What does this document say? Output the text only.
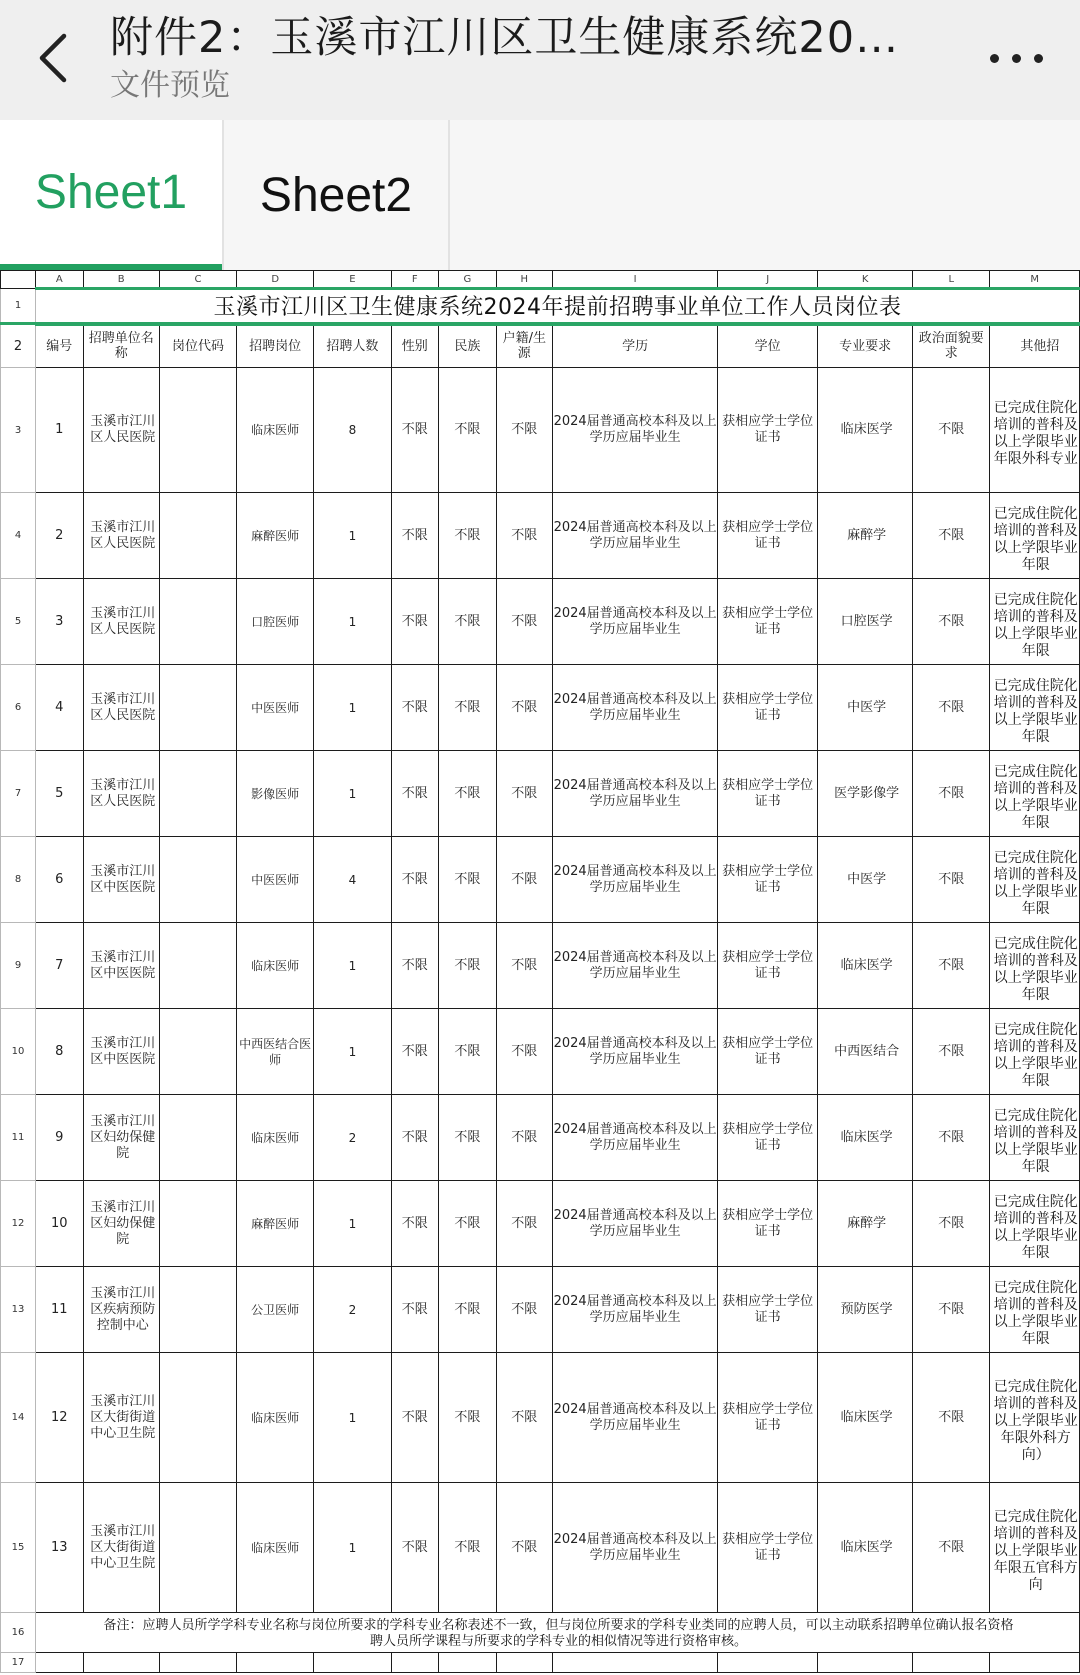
附件2：玉溪市江川区卫生健康系统20…
文件预览
Sheet1	Sheet2
	A	B	C	D	E	F	G	H	I	J	K	L	M
1	玉溪市江川区卫生健康系统2024年提前招聘事业单位工作人员岗位表												
2	编号	招聘单位名称	岗位代码	招聘岗位	招聘人数	性别	民族	户籍/生源	学历	学位	专业要求	政治面貌要求	其他招
3	1	玉溪市江川区人民医院		临床医师	8	不限	不限	不限	2024届普通高校本科及以上学历应届毕业生	获相应学士学位证书	临床医学	不限	已完成住院化培训的普科及以上学限毕业年限外科专业
4	2	玉溪市江川区人民医院		麻醉医师	1	不限	不限	不限	2024届普通高校本科及以上学历应届毕业生	获相应学士学位证书	麻醉学	不限	已完成住院化培训的普科及以上学限毕业年限
5	3	玉溪市江川区人民医院		口腔医师	1	不限	不限	不限	2024届普通高校本科及以上学历应届毕业生	获相应学士学位证书	口腔医学	不限	已完成住院化培训的普科及以上学限毕业年限
6	4	玉溪市江川区人民医院		中医医师	1	不限	不限	不限	2024届普通高校本科及以上学历应届毕业生	获相应学士学位证书	中医学	不限	已完成住院化培训的普科及以上学限毕业年限
7	5	玉溪市江川区人民医院		影像医师	1	不限	不限	不限	2024届普通高校本科及以上学历应届毕业生	获相应学士学位证书	医学影像学	不限	已完成住院化培训的普科及以上学限毕业年限
8	6	玉溪市江川区中医医院		中医医师	4	不限	不限	不限	2024届普通高校本科及以上学历应届毕业生	获相应学士学位证书	中医学	不限	已完成住院化培训的普科及以上学限毕业年限
9	7	玉溪市江川区中医医院		临床医师	1	不限	不限	不限	2024届普通高校本科及以上学历应届毕业生	获相应学士学位证书	临床医学	不限	已完成住院化培训的普科及以上学限毕业年限
10	8	玉溪市江川区中医医院		中西医结合医师	1	不限	不限	不限	2024届普通高校本科及以上学历应届毕业生	获相应学士学位证书	中西医结合	不限	已完成住院化培训的普科及以上学限毕业年限
11	9	玉溪市江川区妇幼保健院		临床医师	2	不限	不限	不限	2024届普通高校本科及以上学历应届毕业生	获相应学士学位证书	临床医学	不限	已完成住院化培训的普科及以上学限毕业年限
12	10	玉溪市江川区妇幼保健院		麻醉医师	1	不限	不限	不限	2024届普通高校本科及以上学历应届毕业生	获相应学士学位证书	麻醉学	不限	已完成住院化培训的普科及以上学限毕业年限
13	11	玉溪市江川区疾病预防控制中心		公卫医师	2	不限	不限	不限	2024届普通高校本科及以上学历应届毕业生	获相应学士学位证书	预防医学	不限	已完成住院化培训的普科及以上学限毕业年限
14	12	玉溪市江川区大街街道中心卫生院		临床医师	1	不限	不限	不限	2024届普通高校本科及以上学历应届毕业生	获相应学士学位证书	临床医学	不限	已完成住院化培训的普科及以上学限毕业年限外科方向）
15	13	玉溪市江川区大街街道中心卫生院		临床医师	1	不限	不限	不限	2024届普通高校本科及以上学历应届毕业生	获相应学士学位证书	临床医学	不限	已完成住院化培训的普科及以上学限毕业年限五官科方向
16	备注：应聘人员所学学科专业名称与岗位所要求的学科专业名称表述不一致，但与岗位所要求的学科专业类同的应聘人员，可以主动联系招聘单位确认报名资格
聘人员所学课程与所要求的学科专业的相似情况等进行资格审核。												

17													
